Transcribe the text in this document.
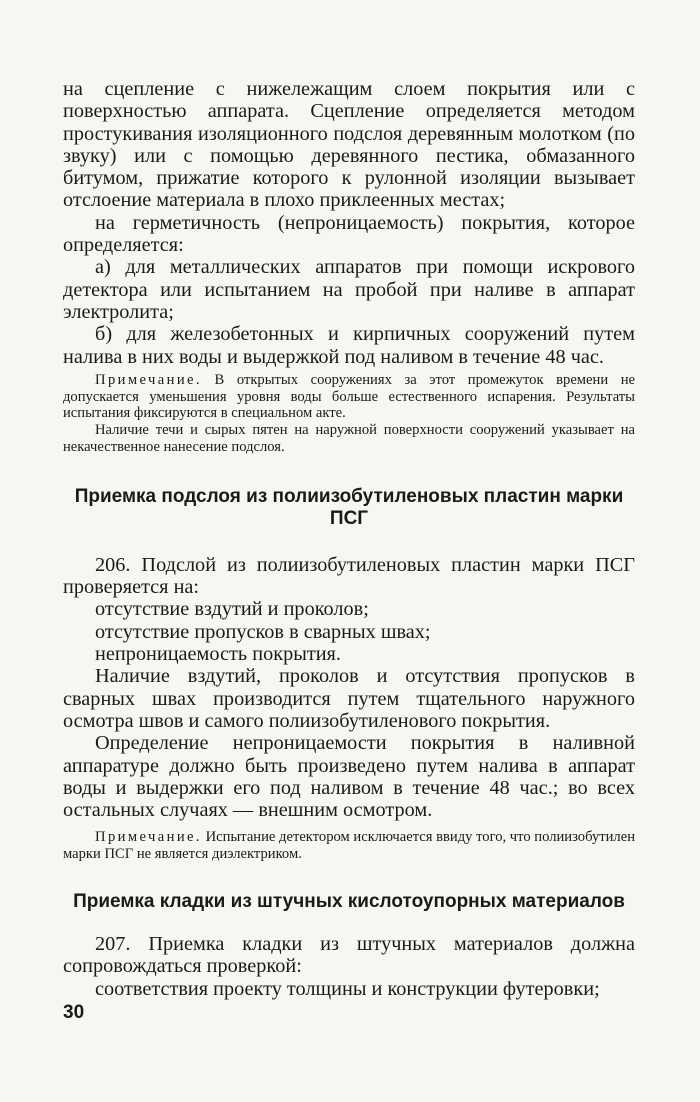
на сцепление с нижележащим слоем покрытия или с поверхностью аппарата. Сцепление определяется методом простукивания изоляционного подслоя деревянным молотком (по звуку) или с помощью деревянного пестика, обмазанного битумом, прижатие которого к рулонной изоляции вызывает отслоение материала в плохо приклеенных местах;

на герметичность (непроницаемость) покрытия, которое определяется:

а) для металлических аппаратов при помощи искрового детектора или испытанием на пробой при наливе в аппарат электролита;

б) для железобетонных и кирпичных сооружений путем налива в них воды и выдержкой под наливом в течение 48 час.

Примечание. В открытых сооружениях за этот промежуток времени не допускается уменьшения уровня воды больше естественного испарения. Результаты испытания фиксируются в специальном акте.

Наличие течи и сырых пятен на наружной поверхности сооружений указывает на некачественное нанесение подслоя.

Приемка подслоя из полиизобутиленовых пластин марки ПСГ

206. Подслой из полиизобутиленовых пластин марки ПСГ проверяется на:

отсутствие вздутий и проколов;

отсутствие пропусков в сварных швах;

непроницаемость покрытия.

Наличие вздутий, проколов и отсутствия пропусков в сварных швах производится путем тщательного наружного осмотра швов и самого полиизобутиленового покрытия.

Определение непроницаемости покрытия в наливной аппаратуре должно быть произведено путем налива в аппарат воды и выдержки его под наливом в течение 48 час.; во всех остальных случаях — внешним осмотром.

Примечание. Испытание детектором исключается ввиду того, что полиизобутилен марки ПСГ не является диэлектриком.

Приемка кладки из штучных кислотоупорных материалов

207. Приемка кладки из штучных материалов должна сопровождаться проверкой:

соответствия проекту толщины и конструкции футеровки;

30
